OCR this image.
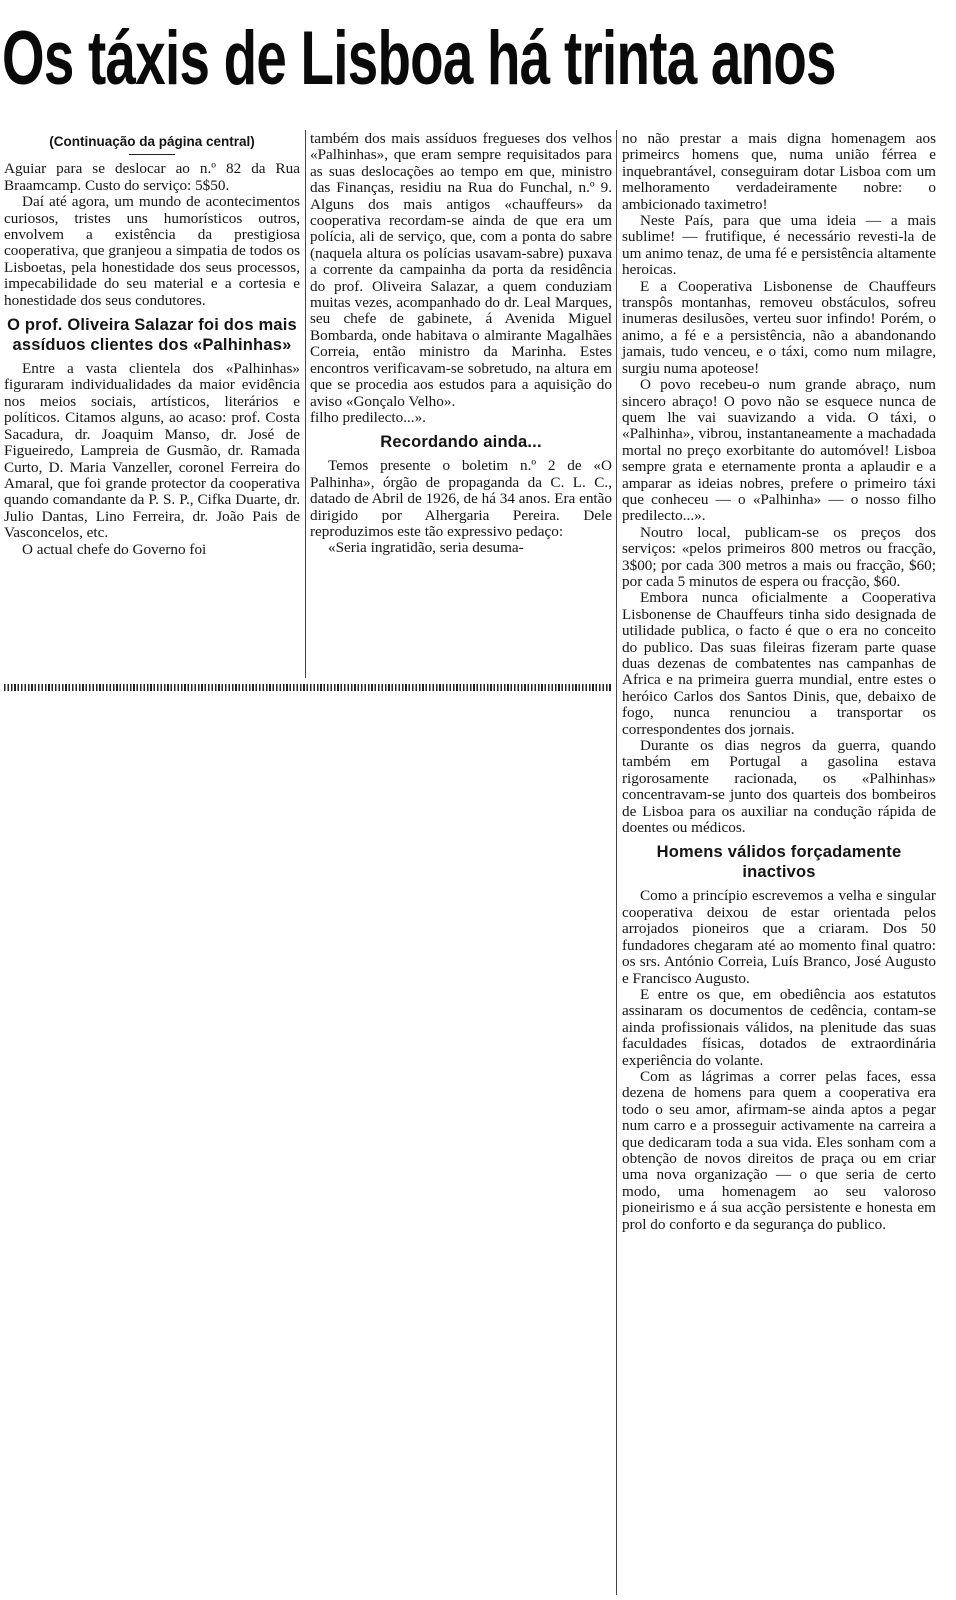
Os táxis de Lisboa há trinta anos

(Continuação da página central)

Aguiar para se deslocar ao n.º 82 da Rua Braamcamp. Custo do serviço: 5$50.

Daí até agora, um mundo de acontecimentos curiosos, tristes uns humorísticos outros, envolvem a existência da prestigiosa cooperativa, que granjeou a simpatia de todos os Lisboetas, pela honestidade dos seus processos, impecabilidade do seu material e a cortesia e honestidade dos seus condutores.

O prof. Oliveira Salazar foi dos mais assíduos clientes dos «Palhinhas»

Entre a vasta clientela dos «Palhinhas» figuraram individualidades da maior evidência nos meios sociais, artísticos, literários e políticos. Citamos alguns, ao acaso: prof. Costa Sacadura, dr. Joaquim Manso, dr. José de Figueiredo, Lampreia de Gusmão, dr. Ramada Curto, D. Maria Vanzeller, coronel Ferreira do Amaral, que foi grande protector da cooperativa quando comandante da P. S. P., Cifka Duarte, dr. Julio Dantas, Lino Ferreira, dr. João Pais de Vasconcelos, etc.

O actual chefe do Governo foi

também dos mais assíduos fregueses dos velhos «Palhinhas», que eram sempre requisitados para as suas deslocações ao tempo em que, ministro das Finanças, residiu na Rua do Funchal, n.º 9. Alguns dos mais antigos «chauffeurs» da cooperativa recordam-se ainda de que era um polícia, ali de serviço, que, com a ponta do sabre (naquela altura os polícias usavam-sabre) puxava a corrente da campainha da porta da residência do prof. Oliveira Salazar, a quem conduziam muitas vezes, acompanhado do dr. Leal Marques, seu chefe de gabinete, á Avenida Miguel Bombarda, onde habitava o almirante Magalhães Correia, então ministro da Marinha. Estes encontros verificavam-se sobretudo, na altura em que se procedia aos estudos para a aquisição do aviso «Gonçalo Velho».

filho predilecto...».

Recordando ainda...

Temos presente o boletim n.º 2 de «O Palhinha», órgão de propaganda da C. L. C., datado de Abril de 1926, de há 34 anos. Era então dirigido por Alhergaria Pereira. Dele reproduzimos este tão expressivo pedaço:

«Seria ingratidão, seria desuma-

no não prestar a mais digna homenagem aos primeircs homens que, numa união férrea e inquebrantável, conseguiram dotar Lisboa com um melhoramento verdadeiramente nobre: o ambicionado taximetro!

Neste País, para que uma ideia — a mais sublime! — frutifique, é necessário revesti-la de um animo tenaz, de uma fé e persistência altamente heroicas.

E a Cooperativa Lisbonense de Chauffeurs transpôs montanhas, removeu obstáculos, sofreu inumeras desilusões, verteu suor infindo! Porém, o animo, a fé e a persistência, não a abandonando jamais, tudo venceu, e o táxi, como num milagre, surgiu numa apoteose!

O povo recebeu-o num grande abraço, num sincero abraço! O povo não se esquece nunca de quem lhe vai suavizando a vida. O táxi, o «Palhinha», vibrou, instantaneamente a machadada mortal no preço exorbitante do automóvel! Lisboa sempre grata e eternamente pronta a aplaudir e a amparar as ideias nobres, prefere o primeiro táxi que conheceu — o «Palhinha» — o nosso filho predilecto...».

Noutro local, publicam-se os preços dos serviços: «pelos primeiros 800 metros ou fracção, 3$00; por cada 300 metros a mais ou fracção, $60; por cada 5 minutos de espera ou fracção, $60.

Embora nunca oficialmente a Cooperativa Lisbonense de Chauffeurs tinha sido designada de utilidade publica, o facto é que o era no conceito do publico. Das suas fileiras fizeram parte quase duas dezenas de combatentes nas campanhas de Africa e na primeira guerra mundial, entre estes o heróico Carlos dos Santos Dinis, que, debaixo de fogo, nunca renunciou a transportar os correspondentes dos jornais.

Durante os dias negros da guerra, quando também em Portugal a gasolina estava rigorosamente racionada, os «Palhinhas» concentravam-se junto dos quarteis dos bombeiros de Lisboa para os auxiliar na condução rápida de doentes ou médicos.

Homens válidos forçadamente inactivos

Como a princípio escrevemos a velha e singular cooperativa deixou de estar orientada pelos arrojados pioneiros que a criaram. Dos 50 fundadores chegaram até ao momento final quatro: os srs. António Correia, Luís Branco, José Augusto e Francisco Augusto.

E entre os que, em obediência aos estatutos assinaram os documentos de cedência, contam-se ainda profissionais válidos, na plenitude das suas faculdades físicas, dotados de extraordinária experiência do volante.

Com as lágrimas a correr pelas faces, essa dezena de homens para quem a cooperativa era todo o seu amor, afirmam-se ainda aptos a pegar num carro e a prosseguir activamente na carreira a que dedicaram toda a sua vida. Eles sonham com a obtenção de novos direitos de praça ou em criar uma nova organização — o que seria de certo modo, uma homenagem ao seu valoroso pioneirismo e á sua acção persistente e honesta em prol do conforto e da segurança do publico.
